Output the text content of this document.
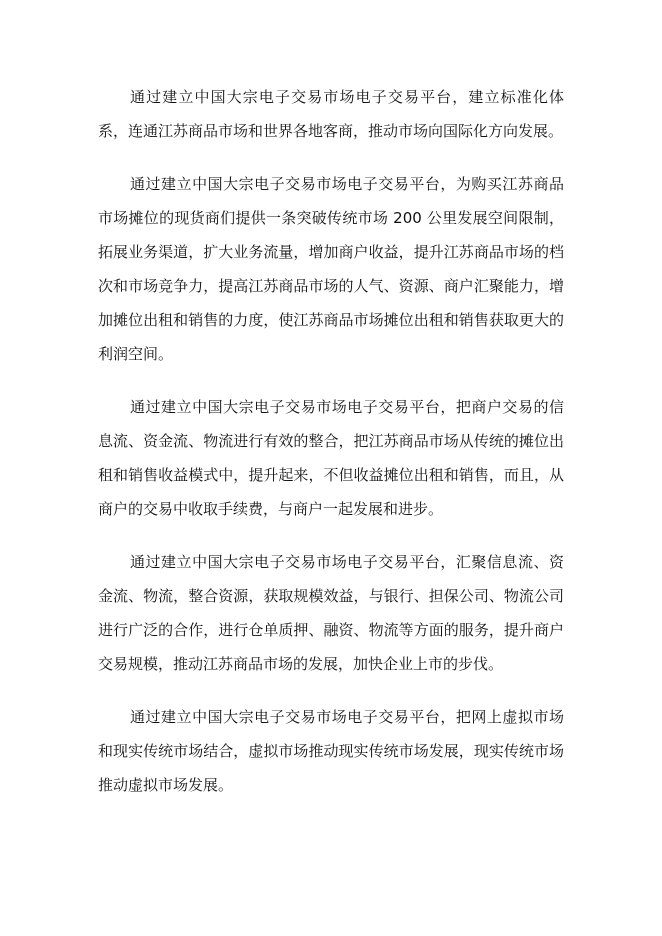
通过建立中国大宗电子交易市场电子交易平台，建立标准化体系，连通江苏商品市场和世界各地客商，推动市场向国际化方向发展。

通过建立中国大宗电子交易市场电子交易平台，为购买江苏商品市场摊位的现货商们提供一条突破传统市场 200 公里发展空间限制，拓展业务渠道，扩大业务流量，增加商户收益，提升江苏商品市场的档次和市场竞争力，提高江苏商品市场的人气、资源、商户汇聚能力，增加摊位出租和销售的力度，使江苏商品市场摊位出租和销售获取更大的利润空间。

通过建立中国大宗电子交易市场电子交易平台，把商户交易的信息流、资金流、物流进行有效的整合，把江苏商品市场从传统的摊位出租和销售收益模式中，提升起来，不但收益摊位出租和销售，而且，从商户的交易中收取手续费，与商户一起发展和进步。

通过建立中国大宗电子交易市场电子交易平台，汇聚信息流、资金流、物流，整合资源，获取规模效益，与银行、担保公司、物流公司进行广泛的合作，进行仓单质押、融资、物流等方面的服务，提升商户交易规模，推动江苏商品市场的发展，加快企业上市的步伐。

通过建立中国大宗电子交易市场电子交易平台，把网上虚拟市场和现实传统市场结合，虚拟市场推动现实传统市场发展，现实传统市场推动虚拟市场发展。
